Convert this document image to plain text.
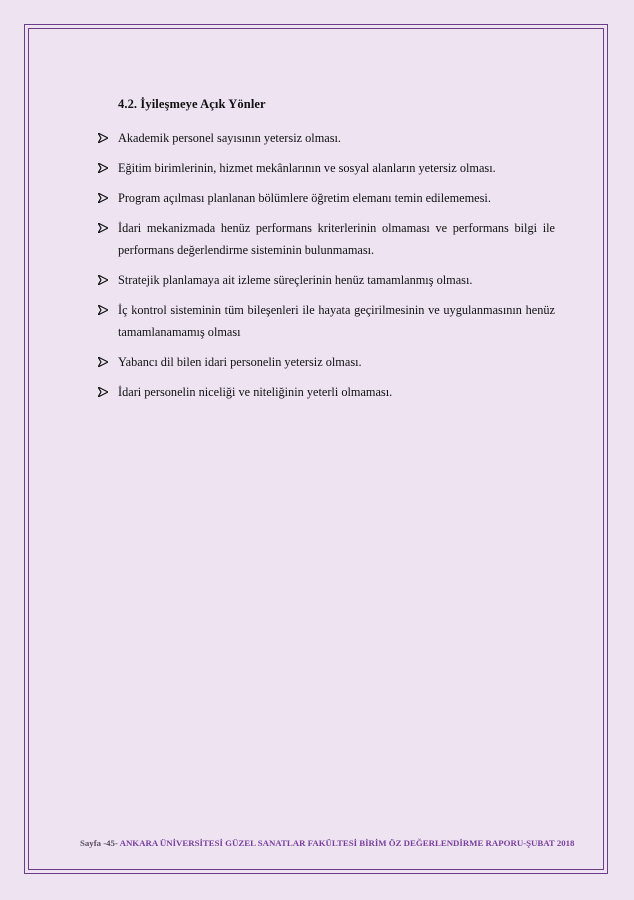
4.2. İyileşmeye Açık Yönler
Akademik personel sayısının yetersiz olması.
Eğitim birimlerinin, hizmet mekânlarının ve sosyal alanların yetersiz olması.
Program açılması planlanan bölümlere öğretim elemanı temin edilememesi.
İdari mekanizmada henüz performans kriterlerinin olmaması ve performans bilgi ile performans değerlendirme sisteminin bulunmaması.
Stratejik planlamaya ait izleme süreçlerinin henüz tamamlanmış olması.
İç kontrol sisteminin tüm bileşenleri ile hayata geçirilmesinin ve uygulanmasının henüz tamamlanamamış olması
Yabancı dil bilen idari personelin yetersiz olması.
İdari personelin niceliği ve niteliğinin yeterli olmaması.
Sayfa -45- ANKARA ÜNİVERSİTESİ GÜZEL SANATLAR FAKÜLTESİ BİRİM ÖZ DEĞERLENDİRME RAPORU-ŞUBAT 2018
